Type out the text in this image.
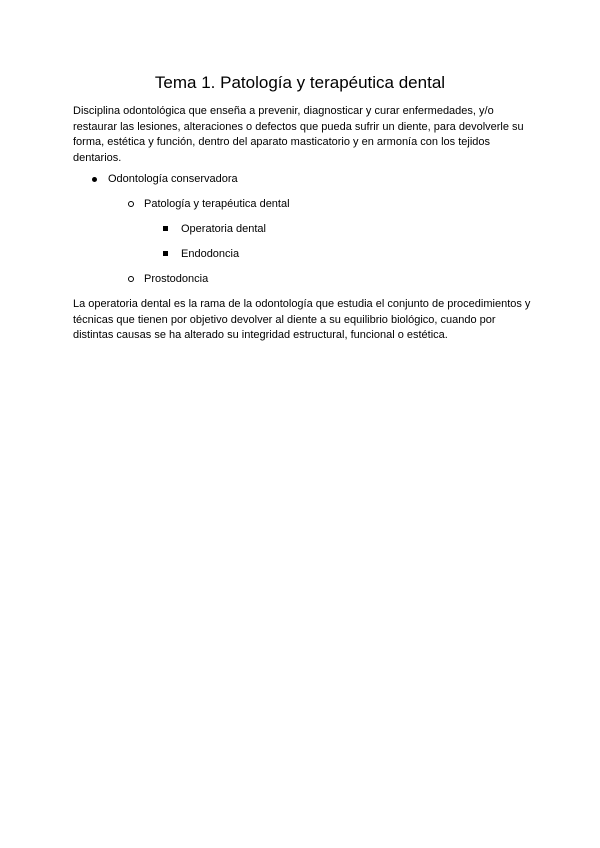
Tema 1. Patología y terapéutica dental

Disciplina odontológica que enseña a prevenir, diagnosticar y curar enfermedades, y/o restaurar las lesiones, alteraciones o defectos que pueda sufrir un diente, para devolverle su forma, estética y función, dentro del aparato masticatorio y en armonía con los tejidos dentarios.

Odontología conservadora
Patología y terapéutica dental
Operatoria dental
Endodoncia
Prostodoncia

La operatoria dental es la rama de la odontología que estudia el conjunto de procedimientos y técnicas que tienen por objetivo devolver al diente a su equilibrio biológico, cuando por distintas causas se ha alterado su integridad estructural, funcional o estética.
